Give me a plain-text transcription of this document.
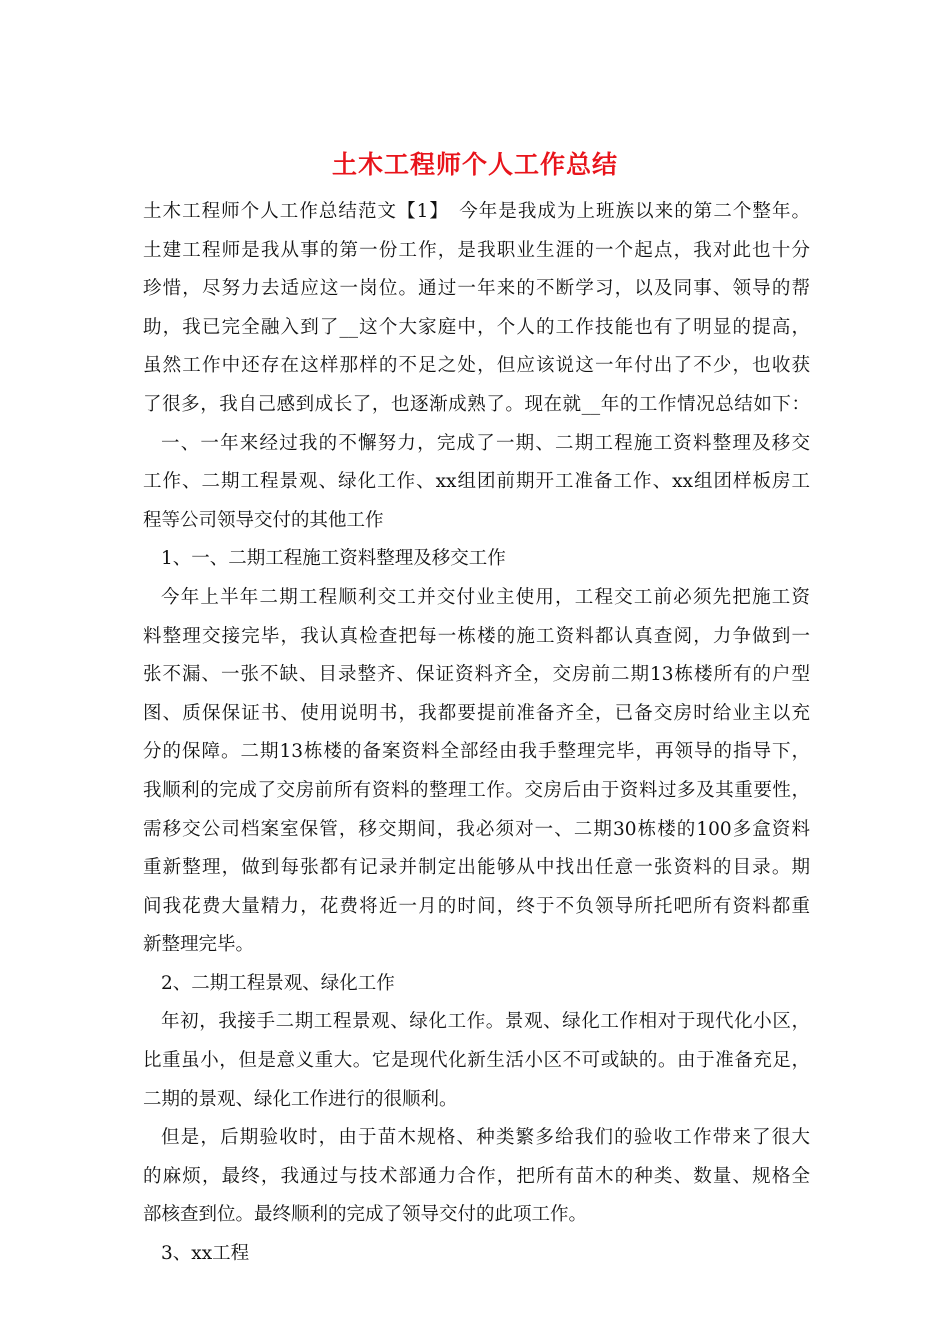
土木工程师个人工作总结
土木工程师个人工作总结范文【1】　今年是我成为上班族以来的第二个整年。
土建工程师是我从事的第一份工作，是我职业生涯的一个起点，我对此也十分
珍惜，尽努力去适应这一岗位。通过一年来的不断学习，以及同事、领导的帮
助，我已完全融入到了__这个大家庭中，个人的工作技能也有了明显的提高，
虽然工作中还存在这样那样的不足之处，但应该说这一年付出了不少，也收获
了很多，我自己感到成长了，也逐渐成熟了。现在就__年的工作情况总结如下：
一、一年来经过我的不懈努力，完成了一期、二期工程施工资料整理及移交
工作、二期工程景观、绿化工作、xx组团前期开工准备工作、xx组团样板房工
程等公司领导交付的其他工作
1、一、二期工程施工资料整理及移交工作
今年上半年二期工程顺利交工并交付业主使用，工程交工前必须先把施工资
料整理交接完毕，我认真检查把每一栋楼的施工资料都认真查阅，力争做到一
张不漏、一张不缺、目录整齐、保证资料齐全，交房前二期13栋楼所有的户型
图、质保保证书、使用说明书，我都要提前准备齐全，已备交房时给业主以充
分的保障。二期13栋楼的备案资料全部经由我手整理完毕，再领导的指导下，
我顺利的完成了交房前所有资料的整理工作。交房后由于资料过多及其重要性，
需移交公司档案室保管，移交期间，我必须对一、二期30栋楼的100多盒资料
重新整理，做到每张都有记录并制定出能够从中找出任意一张资料的目录。期
间我花费大量精力，花费将近一月的时间，终于不负领导所托吧所有资料都重
新整理完毕。
2、二期工程景观、绿化工作
年初，我接手二期工程景观、绿化工作。景观、绿化工作相对于现代化小区，
比重虽小，但是意义重大。它是现代化新生活小区不可或缺的。由于准备充足，
二期的景观、绿化工作进行的很顺利。
但是，后期验收时，由于苗木规格、种类繁多给我们的验收工作带来了很大
的麻烦，最终，我通过与技术部通力合作，把所有苗木的种类、数量、规格全
部核查到位。最终顺利的完成了领导交付的此项工作。
3、xx工程
